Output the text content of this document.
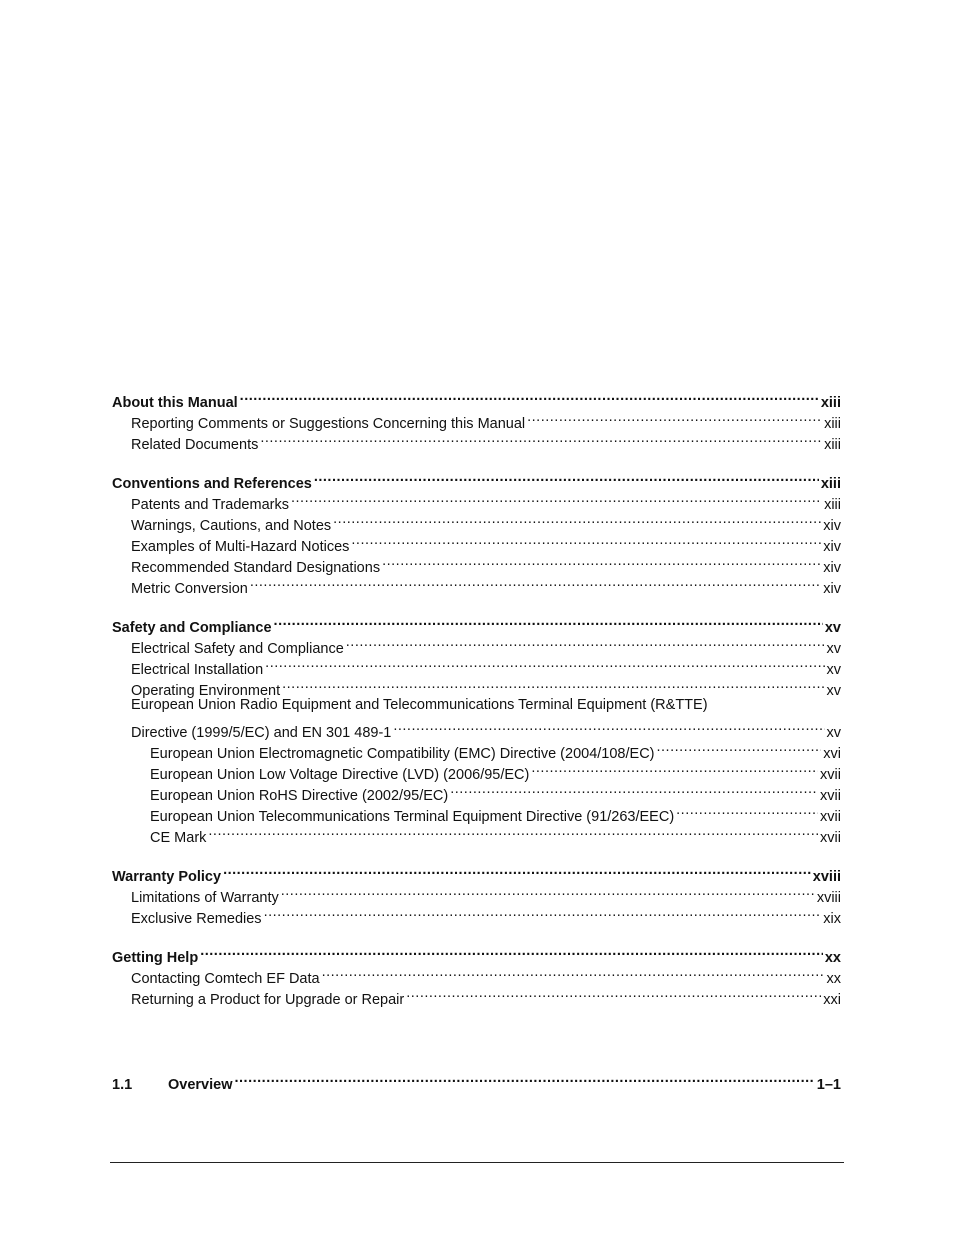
About this Manual .....	xiii
Reporting Comments or Suggestions Concerning this Manual .....	xiii
Related Documents .....	xiii
Conventions and References .....	xiii
Patents and Trademarks .....	xiii
Warnings, Cautions, and Notes .....	xiv
Examples of Multi-Hazard Notices .....	xiv
Recommended Standard Designations .....	xiv
Metric Conversion .....	xiv
Safety and Compliance .....	xv
Electrical Safety and Compliance .....	xv
Electrical Installation .....	xv
Operating Environment .....	xv
European Union Radio Equipment and Telecommunications Terminal Equipment (R&TTE)
Directive (1999/5/EC) and EN 301 489-1 .....	xv
European Union Electromagnetic Compatibility (EMC) Directive (2004/108/EC) .....	xvi
European Union Low Voltage Directive (LVD) (2006/95/EC) .....	xvii
European Union RoHS Directive (2002/95/EC) .....	xvii
European Union Telecommunications Terminal Equipment Directive (91/263/EEC) .....	xvii
CE Mark .....	xvii
Warranty Policy .....	xviii
Limitations of Warranty .....	xviii
Exclusive Remedies .....	xix
Getting Help .....	xx
Contacting Comtech EF Data .....	xx
Returning a Product for Upgrade or Repair .....	xxi
1.1	Overview .....	1–1
